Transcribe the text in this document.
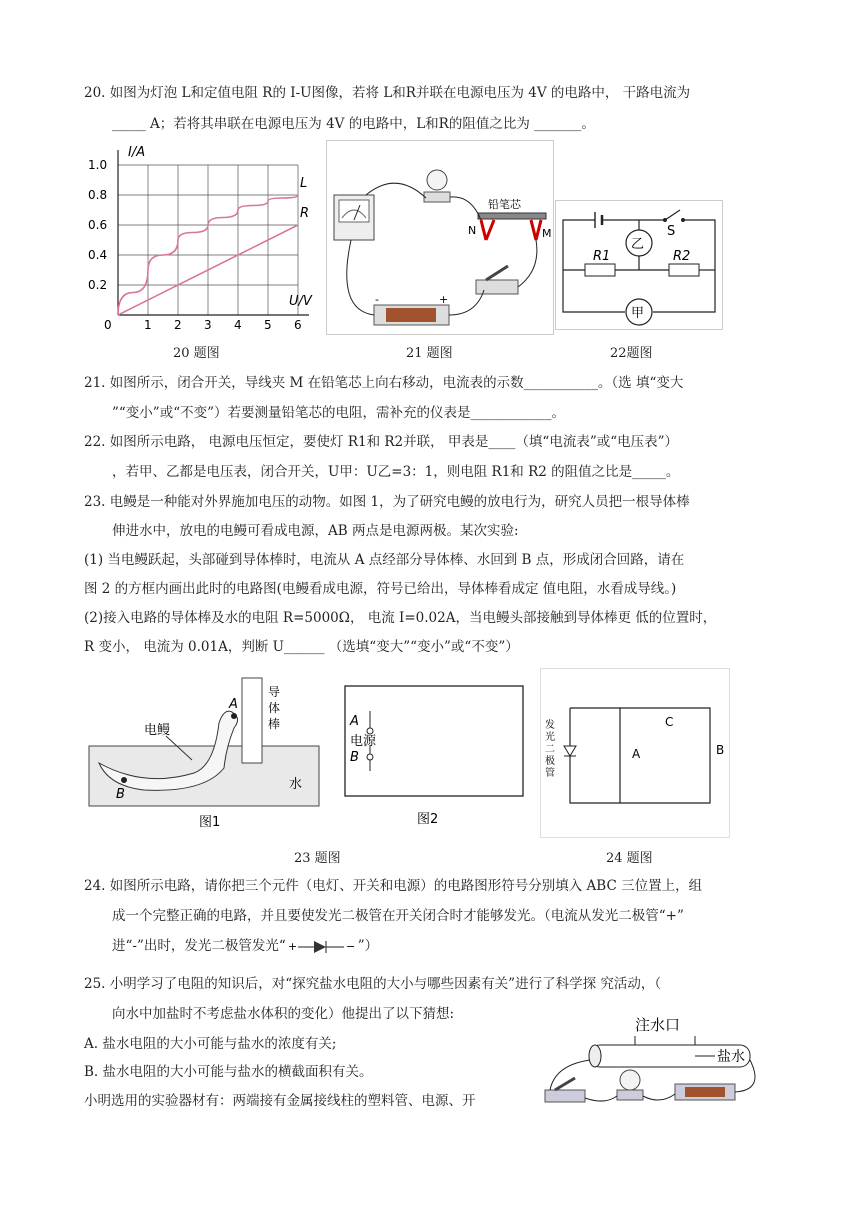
20. 如图为灯泡 L和定值电阻 R的 I-U图像，若将 L和R并联在电源电压为 4V 的电路中， 干路电流为
_____ A；若将其串联在电源电压为 4V 的电路中，L和R的阻值之比为 _______。
I/A
U/V
0	1 2 3 4 5 6
0.2
0.4
0.6
0.8
1.0
L
R
铅笔芯
N	M
-	+
S
R1	R2
乙
甲
20 题图	21 题图	22题图
21. 如图所示，闭合开关，导线夹 M 在铅笔芯上向右移动，电流表的示数___________。（选 填“变大
”“变小”或“不变”）若要测量铅笔芯的电阻，需补充的仪表是____________。
22. 如图所示电路， 电源电压恒定，要使灯 R1和 R2并联， 甲表是____（填“电流表”或“电压表”）
，若甲、乙都是电压表，闭合开关，U甲：U乙=3：1，则电阻 R1和 R2 的阻值之比是_____。
23. 电鳗是一种能对外界施加电压的动物。如图 1，为了研究电鳗的放电行为，研究人员把一根导体棒
伸进水中，放电的电鳗可看成电源，AB 两点是电源两极。某次实验:
(1) 当电鳗跃起，头部碰到导体棒时，电流从 A 点经部分导体棒、水回到 B 点，形成闭合回路，请在
图 2 的方框内画出此时的电路图(电鳗看成电源，符号已给出，导体棒看成定 值电阻，水看成导线。)
(2)接入电路的导体棒及水的电阻 R=5000Ω， 电流 I=0.02A，当电鳗头部接触到导体棒更 低的位置时，
R 变小， 电流为 0.01A，判断 U______ （选填“变大”“变小”或“不变”）
导
体
棒
A
B
电鳗
水
图1
A
B
电源
图2
发
光
二
极
管
A	B
C
23 题图	24 题图
24. 如图所示电路，请你把三个元件（电灯、开关和电源）的电路图形符号分别填入 ABC 三位置上，组
成一个完整正确的电路，并且要使发光二极管在开关闭合时才能够发光。（电流从发光二极管“+”
进“-”出时，发光二极管发光“ +	− ”）
25. 小明学习了电阻的知识后，对“探究盐水电阻的大小与哪些因素有关”进行了科学探 究活动，（
向水中加盐时不考虑盐水体积的变化）他提出了以下猜想:
A. 盐水电阻的大小可能与盐水的浓度有关;
B. 盐水电阻的大小可能与盐水的横截面积有关。
小明选用的实验器材有：两端接有金属接线柱的塑料管、电源、开
注水口
盐水
